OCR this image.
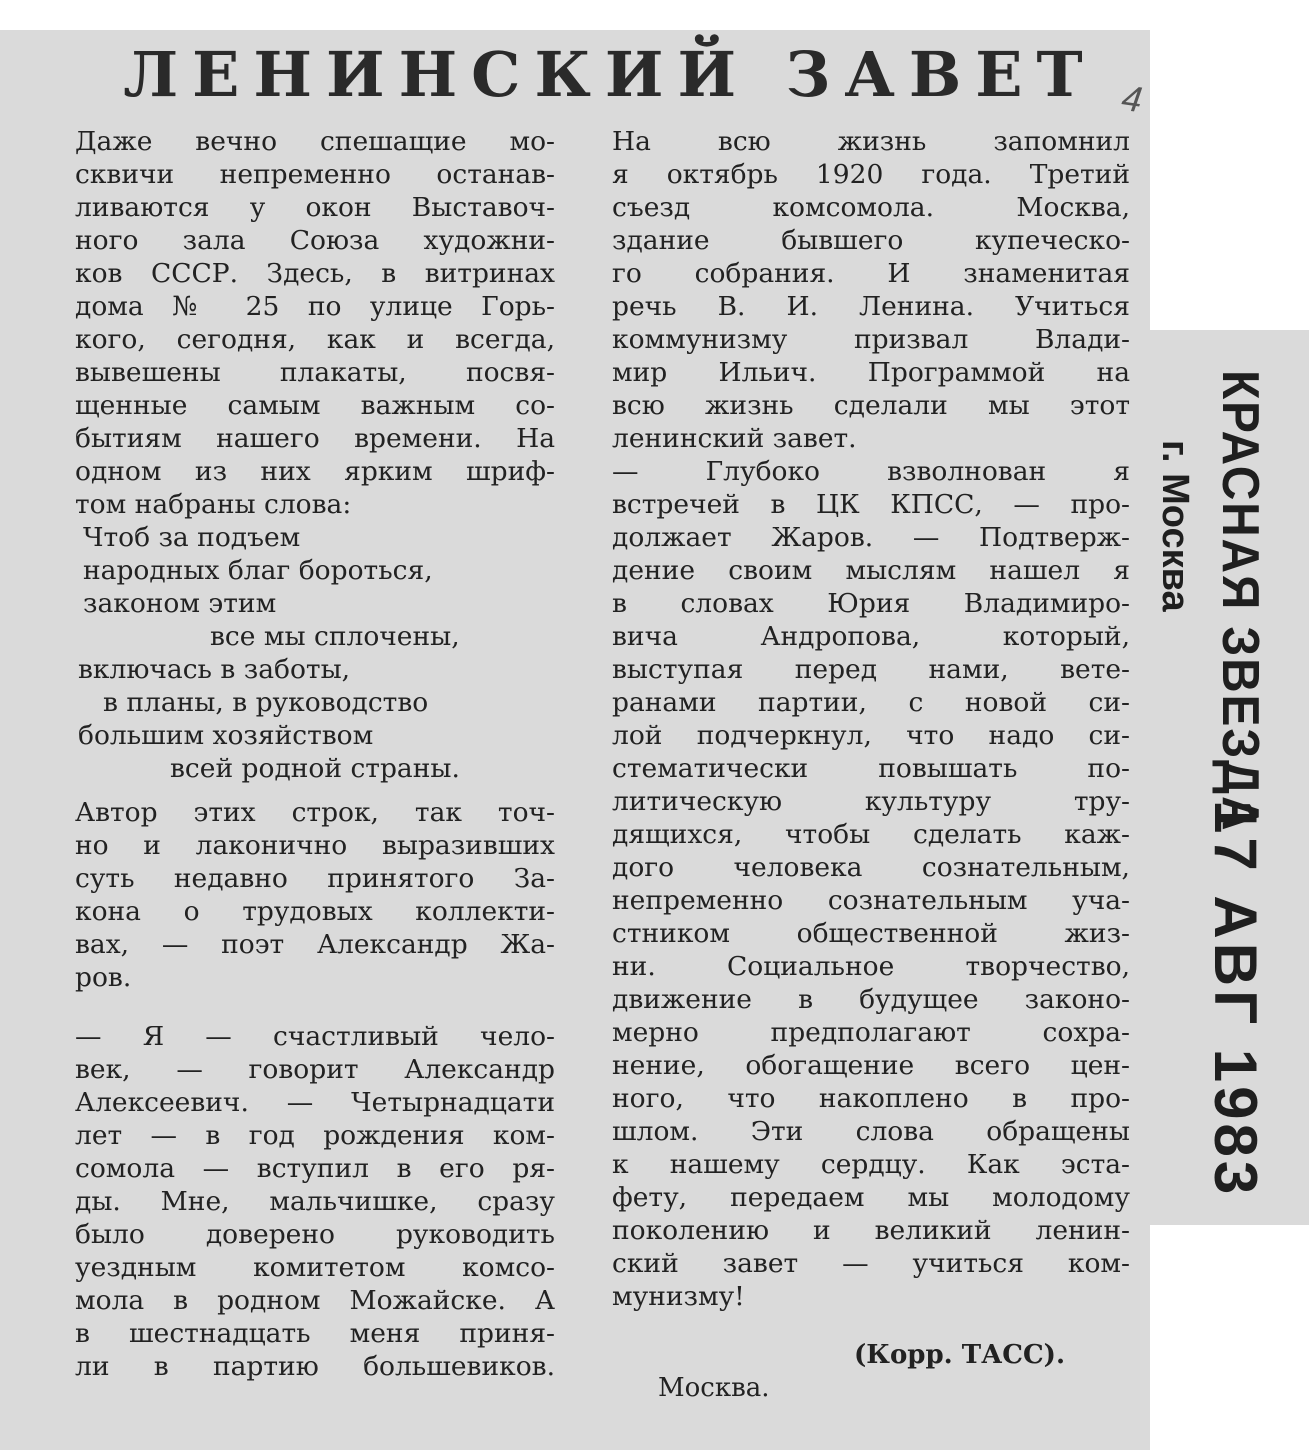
ЛЕНИНСКИЙ ЗАВЕТ
Даже вечно спешащие мо-
сквичи непременно останав-
ливаются у окон Выставоч-
ного зала Союза художни-
ков СССР. Здесь, в витринах
дома № 25 по улице Горь-
кого, сегодня, как и всегда,
вывешены плакаты, посвя-
щенные самым важным со-
бытиям нашего времени. На
одном из них ярким шриф-
том набраны слова:
Чтоб за подъем
народных благ бороться,
законом этим
все мы сплочены,
включась в заботы,
в планы, в руководство
большим хозяйством
всей родной страны.
Автор этих строк, так точ-
но и лаконично выразивших
суть недавно принятого За-
кона о трудовых коллекти-
вах, — поэт Александр Жа-
ров.
— Я — счастливый чело-
век, — говорит Александр
Алексеевич. — Четырнадцати
лет — в год рождения ком-
сомола — вступил в его ря-
ды. Мне, мальчишке, сразу
было доверено руководить
уездным комитетом комсо-
мола в родном Можайске. А
в шестнадцать меня приня-
ли в партию большевиков.
На всю жизнь запомнил
я октябрь 1920 года. Третий
съезд комсомола. Москва,
здание бывшего купеческо-
го собрания. И знаменитая
речь В. И. Ленина. Учиться
коммунизму призвал Влади-
мир Ильич. Программой на
всю жизнь сделали мы этот
ленинский завет.
— Глубоко взволнован я
встречей в ЦК КПСС, — про-
должает Жаров. — Подтверж-
дение своим мыслям нашел я
в словах Юрия Владимиро-
вича Андропова, который,
выступая перед нами, вете-
ранами партии, с новой си-
лой подчеркнул, что надо си-
стематически повышать по-
литическую культуру тру-
дящихся, чтобы сделать каж-
дого человека сознательным,
непременно сознательным уча-
стником общественной жиз-
ни. Социальное творчество,
движение в будущее законо-
мерно предполагают сохра-
нение, обогащение всего цен-
ного, что накоплено в про-
шлом. Эти слова обращены
к нашему сердцу. Как эста-
фету, передаем мы молодому
поколению и великий ленин-
ский завет — учиться ком-
мунизму!
(Корр. ТАСС).
Москва.
КРАСНАЯ ЗВЕЗДА
17 АВГ 1983
г. Москва
4
